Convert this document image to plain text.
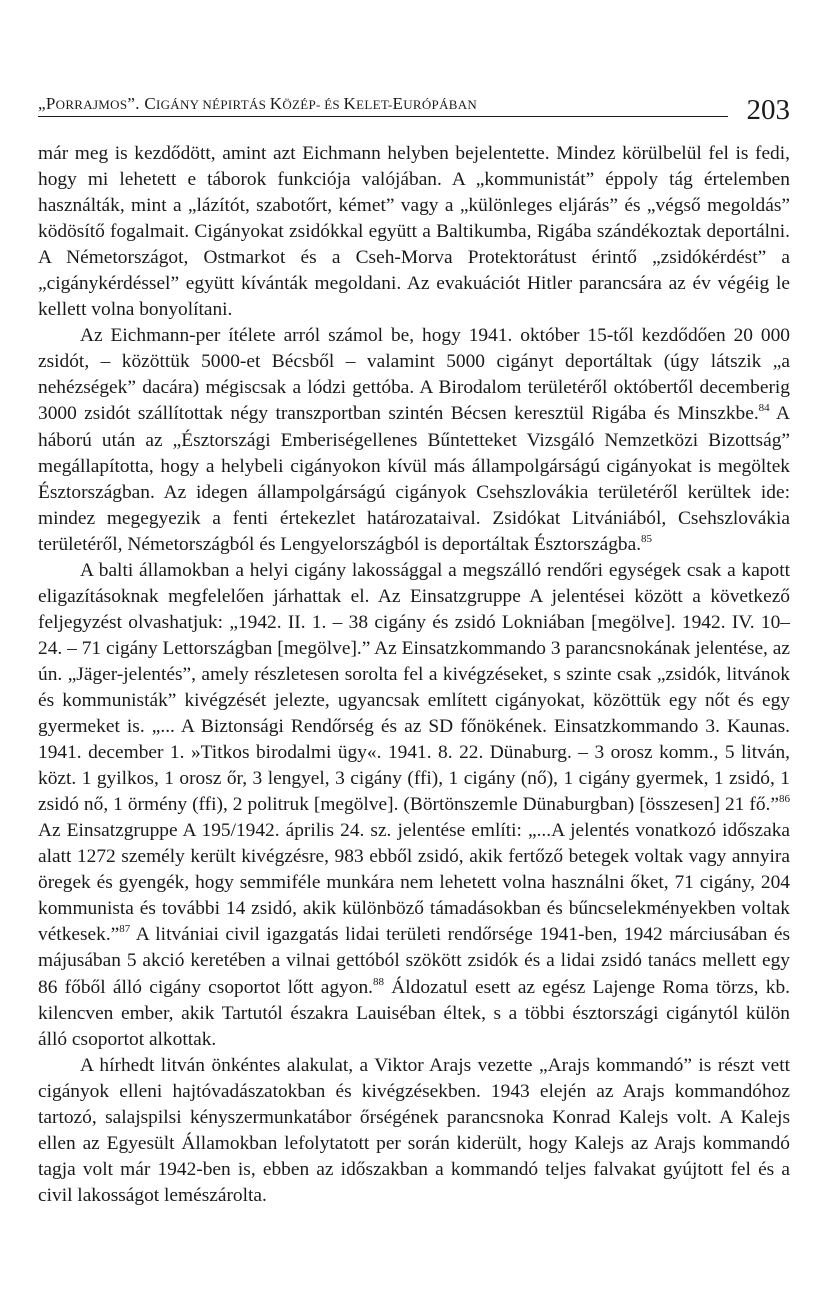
„PORRAJMOS”. CIGÁNY NÉPIRTÁS KÖZÉP- ÉS KELET-EURÓPÁBAN	203

már meg is kezdődött, amint azt Eichmann helyben bejelentette. Mindez körülbelül fel is fedi, hogy mi lehetett e táborok funkciója valójában. A „kommunistát” éppoly tág értelemben használták, mint a „lázítót, szabotőrt, kémet” vagy a „különleges eljárás” és „végső megoldás” ködösítő fogalmait. Cigányokat zsidókkal együtt a Baltikumba, Rigába szándékoztak deportálni. A Németországot, Ostmarkot és a Cseh-Morva Protektorátust érintő „zsidókérdést” a „cigánykérdéssel” együtt kívánták megoldani. Az evakuációt Hitler parancsára az év végéig le kellett volna bonyolítani.

Az Eichmann-per ítélete arról számol be, hogy 1941. október 15-től kezdődően 20 000 zsidót, – közöttük 5000-et Bécsből – valamint 5000 cigányt deportáltak (úgy látszik „a nehézségek” dacára) mégiscsak a lódzi gettóba. A Birodalom területéről októbertől decemberig 3000 zsidót szállítottak négy transzportban szintén Bécsen keresztül Rigába és Minszkbe.$^{84}$ A háború után az „Észtországi Emberiségellenes Bűntetteket Vizsgáló Nemzetközi Bizottság” megállapította, hogy a helybeli cigányokon kívül más állampolgárságú cigányokat is megöltek Észtországban. Az idegen állampolgárságú cigányok Csehszlovákia területéről kerültek ide: mindez megegyezik a fenti értekezlet határozataival. Zsidókat Litvániából, Csehszlovákia területéről, Németországból és Lengyelországból is deportáltak Észtországba.$^{85}$

A balti államokban a helyi cigány lakossággal a megszálló rendőri egységek csak a kapott eligazításoknak megfelelően járhattak el. Az Einsatzgruppe A jelentései között a következő feljegyzést olvashatjuk: „1942. II. 1. – 38 cigány és zsidó Lokniában [megölve]. 1942. IV. 10–24. – 71 cigány Lettországban [megölve].” Az Einsatzkommando 3 parancsnokának jelentése, az ún. „Jäger-jelentés”, amely részletesen sorolta fel a kivégzéseket, s szinte csak „zsidók, litvánok és kommunisták” kivégzését jelezte, ugyancsak említett cigányokat, közöttük egy nőt és egy gyermeket is. „... A Biztonsági Rendőrség és az SD főnökének. Einsatzkommando 3. Kaunas. 1941. december 1. »Titkos birodalmi ügy«. 1941. 8. 22. Dünaburg. – 3 orosz komm., 5 litván, közt. 1 gyilkos, 1 orosz őr, 3 lengyel, 3 cigány (ffi), 1 cigány (nő), 1 cigány gyermek, 1 zsidó, 1 zsidó nő, 1 örmény (ffi), 2 politruk [megölve]. (Börtönszemle Dünaburgban) [összesen] 21 fő.”$^{86}$ Az Einsatzgruppe A 195/1942. április 24. sz. jelentése említi: „...A jelentés vonatkozó időszaka alatt 1272 személy került kivégzésre, 983 ebből zsidó, akik fertőző betegek voltak vagy annyira öregek és gyengék, hogy semmiféle munkára nem lehetett volna használni őket, 71 cigány, 204 kommunista és további 14 zsidó, akik különböző támadásokban és bűncselekményekben voltak vétkesek.”$^{87}$ A litvániai civil igazgatás lidai területi rendőrsége 1941-ben, 1942 márciusában és májusában 5 akció keretében a vilnai gettóból szökött zsidók és a lidai zsidó tanács mellett egy 86 főből álló cigány csoportot lőtt agyon.$^{88}$ Áldozatul esett az egész Lajenge Roma törzs, kb. kilencven ember, akik Tartutól északra Lauiséban éltek, s a többi észtországi cigánytól külön álló csoportot alkottak.

A hírhedt litván önkéntes alakulat, a Viktor Arajs vezette „Arajs kommandó” is részt vett cigányok elleni hajtóvadászatokban és kivégzésekben. 1943 elején az Arajs kommandóhoz tartozó, salajspilsi kényszermunkatábor őrségének parancsnoka Konrad Kalejs volt. A Kalejs ellen az Egyesült Államokban lefolytatott per során kiderült, hogy Kalejs az Arajs kommandó tagja volt már 1942-ben is, ebben az időszakban a kommandó teljes falvakat gyújtott fel és a civil lakosságot lemészárolta.
